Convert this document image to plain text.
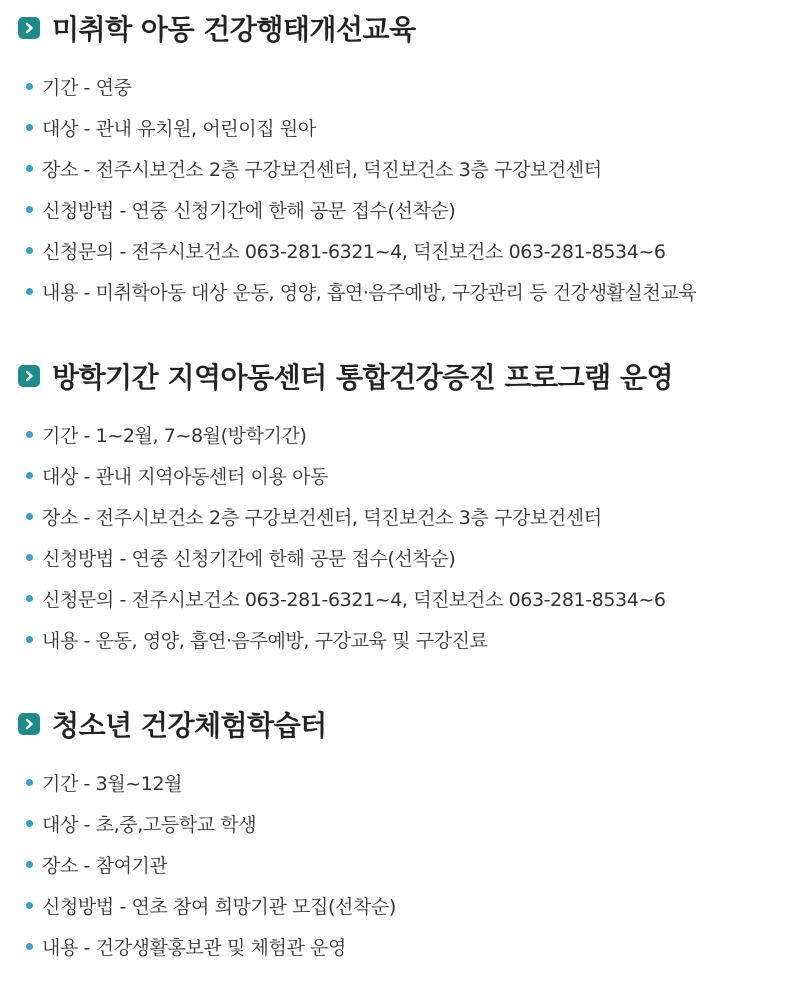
미취학 아동 건강행태개선교육
기간 - 연중
대상 - 관내 유치원, 어린이집 원아
장소 - 전주시보건소 2층 구강보건센터, 덕진보건소 3층 구강보건센터
신청방법 - 연중 신청기간에 한해 공문 접수(선착순)
신청문의 - 전주시보건소 063-281-6321~4, 덕진보건소 063-281-8534~6
내용 - 미취학아동 대상 운동, 영양, 흡연·음주예방, 구강관리 등 건강생활실천교육
방학기간 지역아동센터 통합건강증진 프로그램 운영
기간 - 1~2월, 7~8월(방학기간)
대상 - 관내 지역아동센터 이용 아동
장소 - 전주시보건소 2층 구강보건센터, 덕진보건소 3층 구강보건센터
신청방법 - 연중 신청기간에 한해 공문 접수(선착순)
신청문의 - 전주시보건소 063-281-6321~4, 덕진보건소 063-281-8534~6
내용 - 운동, 영양, 흡연·음주예방, 구강교육 및 구강진료
청소년 건강체험학습터
기간 - 3월~12월
대상 - 초,중,고등학교 학생
장소 - 참여기관
신청방법 - 연초 참여 희망기관 모집(선착순)
내용 - 건강생활홍보관 및 체험관 운영
